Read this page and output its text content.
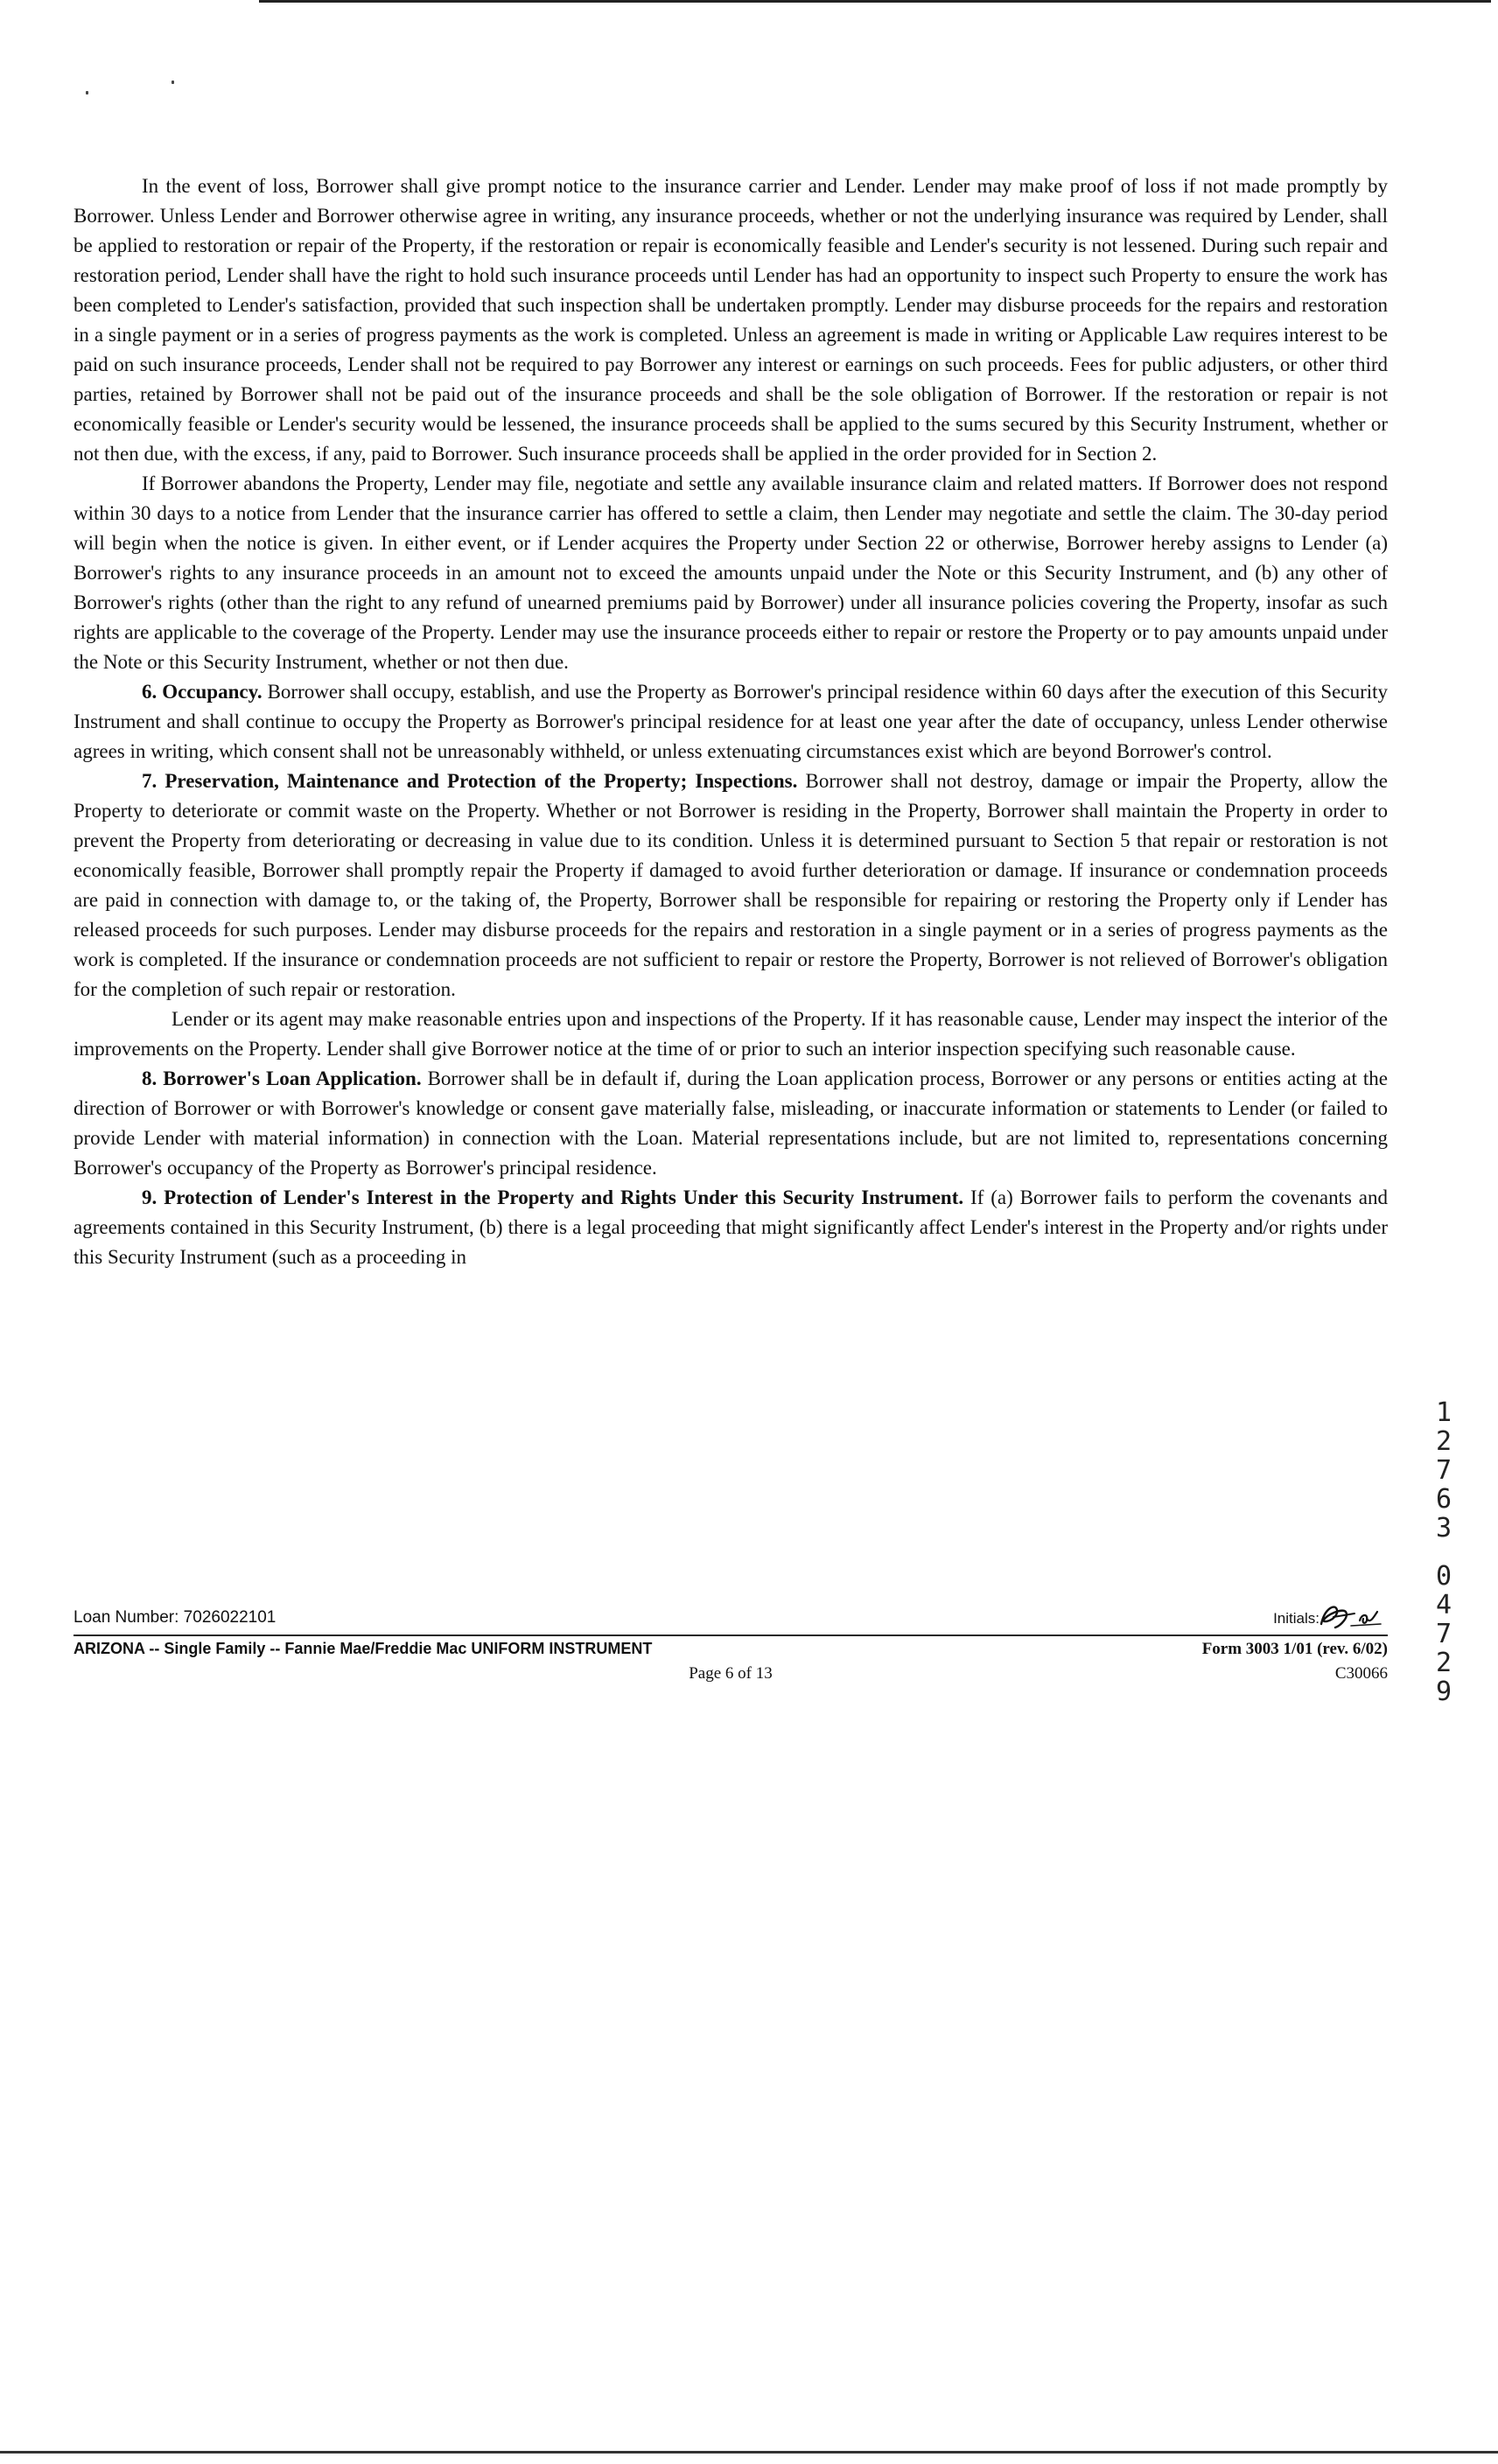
In the event of loss, Borrower shall give prompt notice to the insurance carrier and Lender. Lender may make proof of loss if not made promptly by Borrower. Unless Lender and Borrower otherwise agree in writing, any insurance proceeds, whether or not the underlying insurance was required by Lender, shall be applied to restoration or repair of the Property, if the restoration or repair is economically feasible and Lender's security is not lessened. During such repair and restoration period, Lender shall have the right to hold such insurance proceeds until Lender has had an opportunity to inspect such Property to ensure the work has been completed to Lender's satisfaction, provided that such inspection shall be undertaken promptly. Lender may disburse proceeds for the repairs and restoration in a single payment or in a series of progress payments as the work is completed. Unless an agreement is made in writing or Applicable Law requires interest to be paid on such insurance proceeds, Lender shall not be required to pay Borrower any interest or earnings on such proceeds. Fees for public adjusters, or other third parties, retained by Borrower shall not be paid out of the insurance proceeds and shall be the sole obligation of Borrower. If the restoration or repair is not economically feasible or Lender's security would be lessened, the insurance proceeds shall be applied to the sums secured by this Security Instrument, whether or not then due, with the excess, if any, paid to Borrower. Such insurance proceeds shall be applied in the order provided for in Section 2.

If Borrower abandons the Property, Lender may file, negotiate and settle any available insurance claim and related matters. If Borrower does not respond within 30 days to a notice from Lender that the insurance carrier has offered to settle a claim, then Lender may negotiate and settle the claim. The 30-day period will begin when the notice is given. In either event, or if Lender acquires the Property under Section 22 or otherwise, Borrower hereby assigns to Lender (a) Borrower's rights to any insurance proceeds in an amount not to exceed the amounts unpaid under the Note or this Security Instrument, and (b) any other of Borrower's rights (other than the right to any refund of unearned premiums paid by Borrower) under all insurance policies covering the Property, insofar as such rights are applicable to the coverage of the Property. Lender may use the insurance proceeds either to repair or restore the Property or to pay amounts unpaid under the Note or this Security Instrument, whether or not then due.

6. Occupancy. Borrower shall occupy, establish, and use the Property as Borrower's principal residence within 60 days after the execution of this Security Instrument and shall continue to occupy the Property as Borrower's principal residence for at least one year after the date of occupancy, unless Lender otherwise agrees in writing, which consent shall not be unreasonably withheld, or unless extenuating circumstances exist which are beyond Borrower's control.

7. Preservation, Maintenance and Protection of the Property; Inspections. Borrower shall not destroy, damage or impair the Property, allow the Property to deteriorate or commit waste on the Property. Whether or not Borrower is residing in the Property, Borrower shall maintain the Property in order to prevent the Property from deteriorating or decreasing in value due to its condition. Unless it is determined pursuant to Section 5 that repair or restoration is not economically feasible, Borrower shall promptly repair the Property if damaged to avoid further deterioration or damage. If insurance or condemnation proceeds are paid in connection with damage to, or the taking of, the Property, Borrower shall be responsible for repairing or restoring the Property only if Lender has released proceeds for such purposes. Lender may disburse proceeds for the repairs and restoration in a single payment or in a series of progress payments as the work is completed. If the insurance or condemnation proceeds are not sufficient to repair or restore the Property, Borrower is not relieved of Borrower's obligation for the completion of such repair or restoration.

Lender or its agent may make reasonable entries upon and inspections of the Property. If it has reasonable cause, Lender may inspect the interior of the improvements on the Property. Lender shall give Borrower notice at the time of or prior to such an interior inspection specifying such reasonable cause.

8. Borrower's Loan Application. Borrower shall be in default if, during the Loan application process, Borrower or any persons or entities acting at the direction of Borrower or with Borrower's knowledge or consent gave materially false, misleading, or inaccurate information or statements to Lender (or failed to provide Lender with material information) in connection with the Loan. Material representations include, but are not limited to, representations concerning Borrower's occupancy of the Property as Borrower's principal residence.

9. Protection of Lender's Interest in the Property and Rights Under this Security Instrument. If (a) Borrower fails to perform the covenants and agreements contained in this Security Instrument, (b) there is a legal proceeding that might significantly affect Lender's interest in the Property and/or rights under this Security Instrument (such as a proceeding in

1
2
7
6
3
0
4
7
2
9
Loan Number: 7026022101	Initials:
ARIZONA -- Single Family -- Fannie Mae/Freddie Mac UNIFORM INSTRUMENT
Page 6 of 13
Form 3003 1/01 (rev. 6/02)
C30066
